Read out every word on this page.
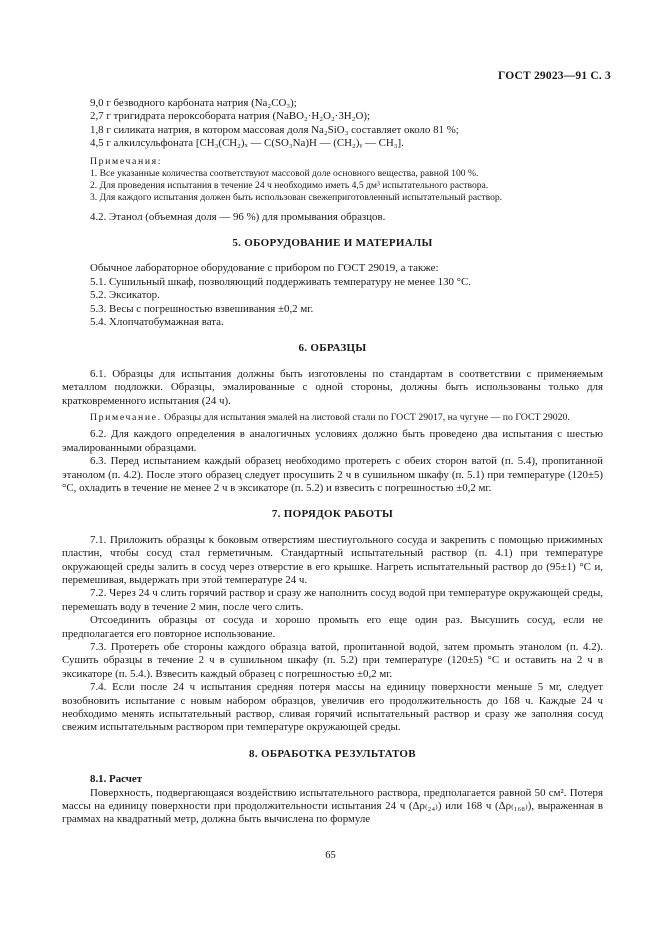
ГОСТ 29023—91 С. 3
9,0 г безводного карбоната натрия (Na₂CO₃);
2,7 г тригидрата пероксобората натрия (NaBO₂·H₂O₂·3H₂O);
1,8 г силиката натрия, в котором массовая доля Na₂SiO₃ составляет около 81 %;
4,5 г алкилсульфоната [CH₃(CH₂)ₓ — C(SO₃Na)H — (CH₂)ᵧ — CH₃].
Примечания:
1. Все указанные количества соответствуют массовой доле основного вещества, равной 100 %.
2. Для проведения испытания в течение 24 ч необходимо иметь 4,5 дм³ испытательного раствора.
3. Для каждого испытания должен быть использован свежеприготовленный испытательный раствор.
4.2. Этанол (объемная доля — 96 %) для промывания образцов.
5. ОБОРУДОВАНИЕ И МАТЕРИАЛЫ
Обычное лабораторное оборудование с прибором по ГОСТ 29019, а также:
5.1. Сушильный шкаф, позволяющий поддерживать температуру не менее 130 °С.
5.2. Эксикатор.
5.3. Весы с погрешностью взвешивания ±0,2 мг.
5.4. Хлопчатобумажная вата.
6. ОБРАЗЦЫ

6.1. Образцы для испытания должны быть изготовлены по стандартам в соответствии с применяемым металлом подложки. Образцы, эмалированные с одной стороны, должны быть использованы только для кратковременного испытания (24 ч).

Примечание. Образцы для испытания эмалей на листовой стали по ГОСТ 29017, на чугуне — по ГОСТ 29020.

6.2. Для каждого определения в аналогичных условиях должно быть проведено два испытания с шестью эмалированными образцами.

6.3. Перед испытанием каждый образец необходимо протереть с обеих сторон ватой (п. 5.4), пропитанной этанолом (п. 4.2). После этого образец следует просушить 2 ч в сушильном шкафу (п. 5.1) при температуре (120±5) °С, охладить в течение не менее 2 ч в эксикаторе (п. 5.2) и взвесить с погрешностью ±0,2 мг.

7. ПОРЯДОК РАБОТЫ

7.1. Приложить образцы к боковым отверстиям шестиугольного сосуда и закрепить с помощью прижимных пластин, чтобы сосуд стал герметичным. Стандартный испытательный раствор (п. 4.1) при температуре окружающей среды залить в сосуд через отверстие в его крышке. Нагреть испытательный раствор до (95±1) °С и, перемешивая, выдержать при этой температуре 24 ч.

7.2. Через 24 ч слить горячий раствор и сразу же наполнить сосуд водой при температуре окружающей среды, перемешать воду в течение 2 мин, после чего слить.

Отсоединить образцы от сосуда и хорошо промыть его еще один раз. Высушить сосуд, если не предполагается его повторное использование.

7.3. Протереть обе стороны каждого образца ватой, пропитанной водой, затем промыть этанолом (п. 4.2). Сушить образцы в течение 2 ч в сушильном шкафу (п. 5.2) при температуре (120±5) °С и оставить на 2 ч в эксикаторе (п. 5.4.). Взвесить каждый образец с погрешностью ±0,2 мг.

7.4. Если после 24 ч испытания средняя потеря массы на единицу поверхности меньше 5 мг, следует возобновить испытание с новым набором образцов, увеличив его продолжительность до 168 ч. Каждые 24 ч необходимо менять испытательный раствор, сливая горячий испытательный раствор и сразу же заполняя сосуд свежим испытательным раствором при температуре окружающей среды.

8. ОБРАБОТКА РЕЗУЛЬТАТОВ
8.1. Расчет

Поверхность, подвергающаяся воздействию испытательного раствора, предполагается равной 50 см². Потеря массы на единицу поверхности при продолжительности испытания 24 ч (Δρ₍₂₄₎) или 168 ч (Δρ₍₁₆₈₎), выраженная в граммах на квадратный метр, должна быть вычислена по формуле

65
